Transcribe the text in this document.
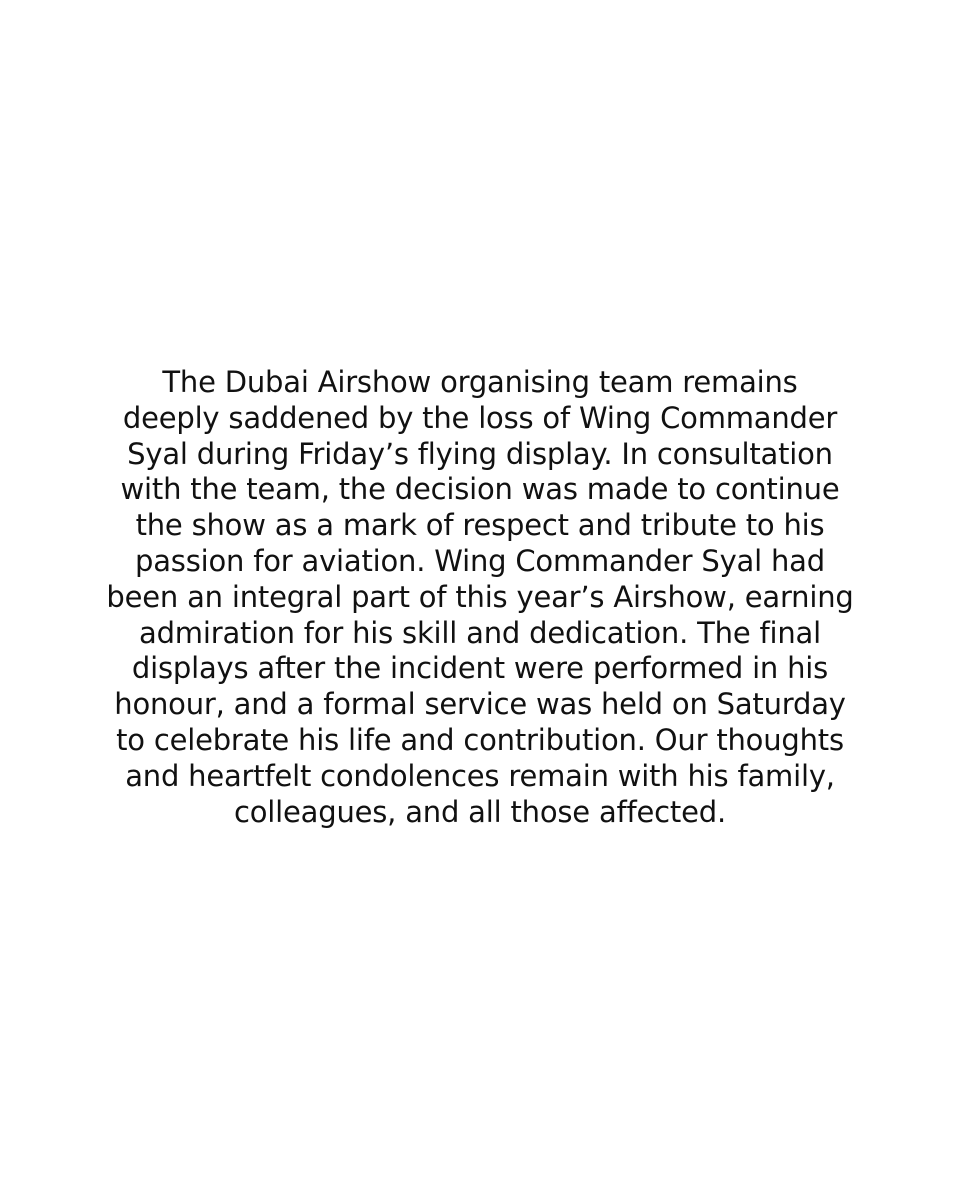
The Dubai Airshow organising team remains
deeply saddened by the loss of Wing Commander
Syal during Friday’s flying display. In consultation
with the team, the decision was made to continue
the show as a mark of respect and tribute to his
passion for aviation. Wing Commander Syal had
been an integral part of this year’s Airshow, earning
admiration for his skill and dedication. The final
displays after the incident were performed in his
honour, and a formal service was held on Saturday
to celebrate his life and contribution. Our thoughts
and heartfelt condolences remain with his family,
colleagues, and all those affected.
